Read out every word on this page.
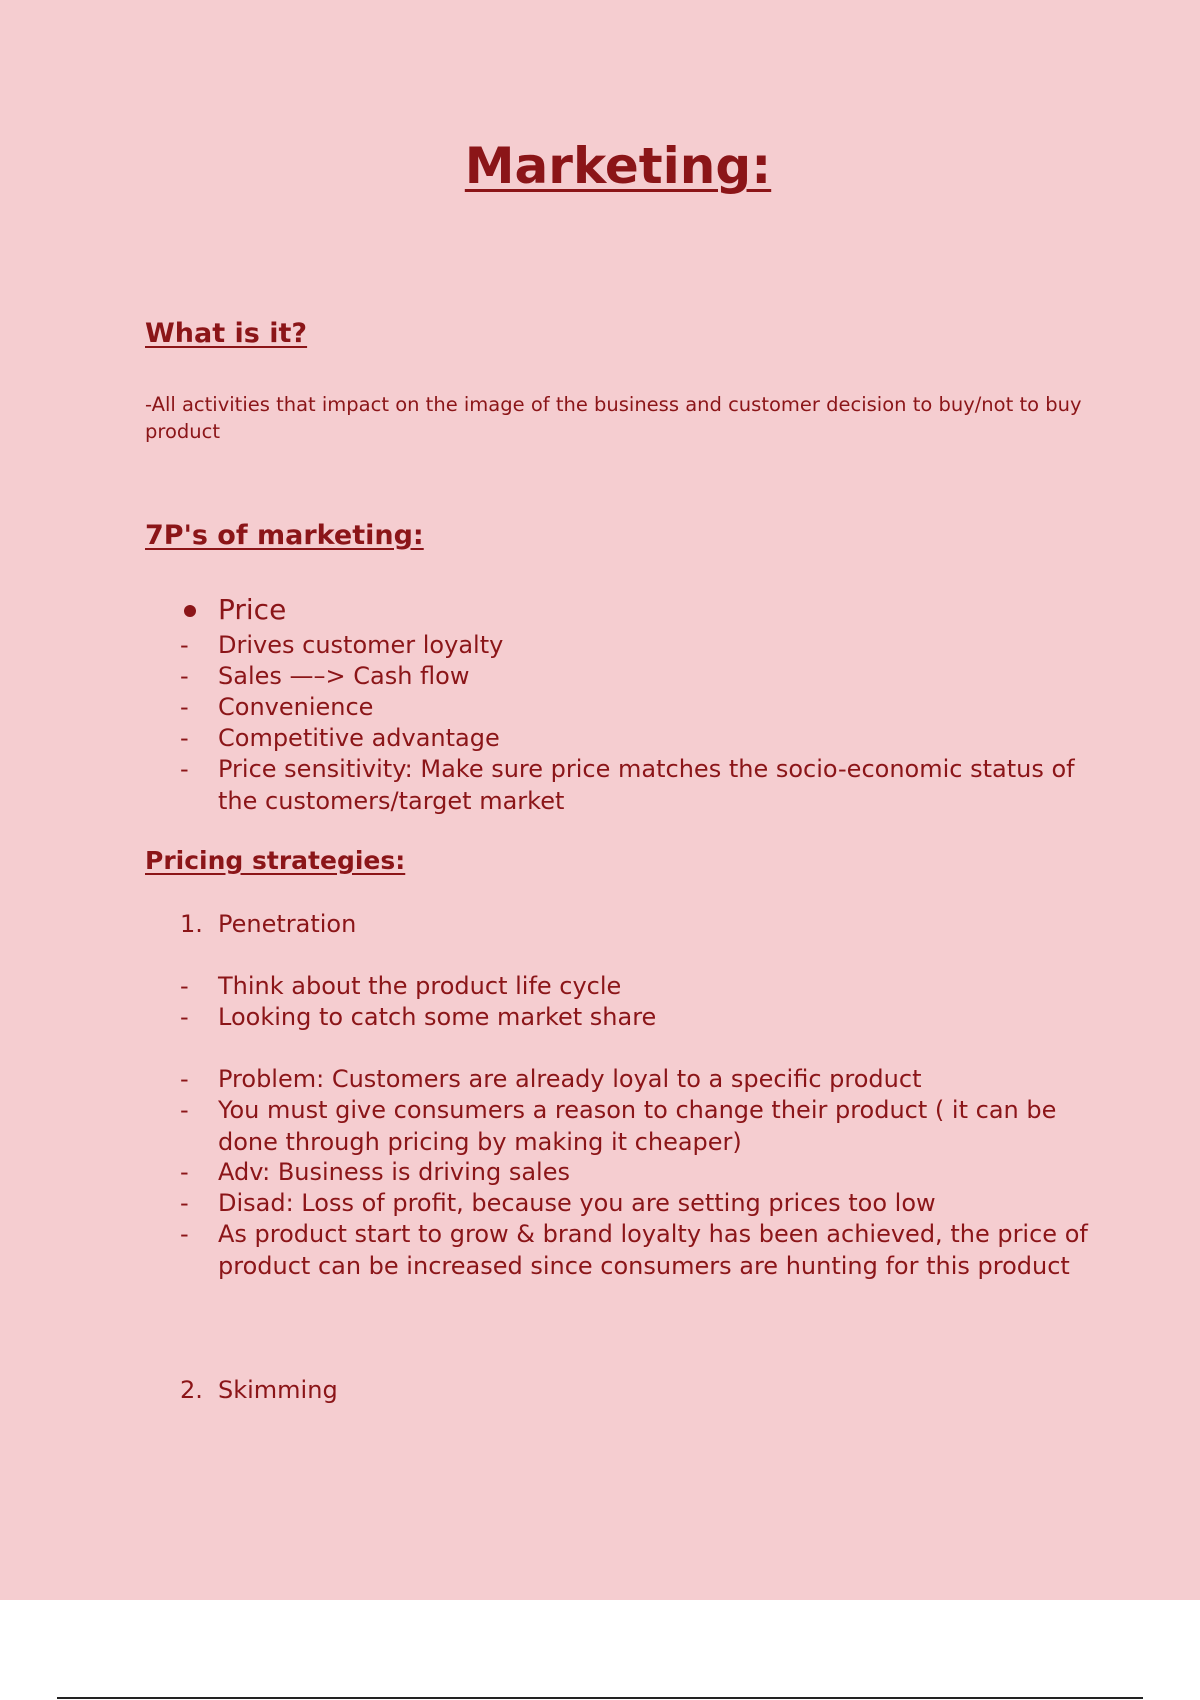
Marketing:
What is it?

-All activities that impact on the image of the business and customer decision to buy/not to buy product

7P's of marketing:
Price
- Drives customer loyalty
- Sales —–> Cash flow
- Convenience
- Competitive advantage
- Price sensitivity: Make sure price matches the socio-economic status of the customers/target market
Pricing strategies:
1. Penetration
- Think about the product life cycle
- Looking to catch some market share
- Problem: Customers are already loyal to a specific product
- You must give consumers a reason to change their product ( it can be done through pricing by making it cheaper)
- Adv: Business is driving sales
- Disad: Loss of profit, because you are setting prices too low
- As product start to grow & brand loyalty has been achieved, the price of product can be increased since consumers are hunting for this product
2. Skimming
